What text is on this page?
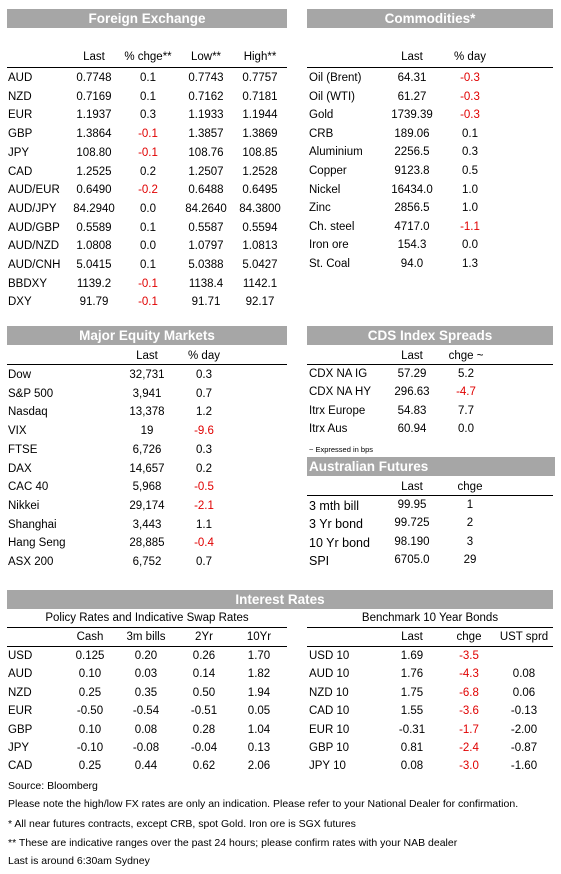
Foreign Exchange
Last	% chge**	Low**	High**
AUD	0.7748	0.1	0.7743	0.7757
NZD	0.7169	0.1	0.7162	0.7181
EUR	1.1937	0.3	1.1933	1.1944
GBP	1.3864	-0.1	1.3857	1.3869
JPY	108.80	-0.1	108.76	108.85
CAD	1.2525	0.2	1.2507	1.2528
AUD/EUR	0.6490	-0.2	0.6488	0.6495
AUD/JPY	84.2940	0.0	84.2640	84.3800
AUD/GBP	0.5589	0.1	0.5587	0.5594
AUD/NZD	1.0808	0.0	1.0797	1.0813
AUD/CNH	5.0415	0.1	5.0388	5.0427
BBDXY	1139.2	-0.1	1138.4	1142.1
DXY	91.79	-0.1	91.71	92.17
Commodities*
Last	% day
Oil (Brent)	64.31	-0.3
Oil (WTI)	61.27	-0.3
Gold	1739.39	-0.3
CRB	189.06	0.1
Aluminium	2256.5	0.3
Copper	9123.8	0.5
Nickel	16434.0	1.0
Zinc	2856.5	1.0
Ch. steel	4717.0	-1.1
Iron ore	154.3	0.0
St. Coal	94.0	1.3
Major Equity Markets
Last	% day
Dow	32,731	0.3
S&P 500	3,941	0.7
Nasdaq	13,378	1.2
VIX	19	-9.6
FTSE	6,726	0.3
DAX	14,657	0.2
CAC 40	5,968	-0.5
Nikkei	29,174	-2.1
Shanghai	3,443	1.1
Hang Seng	28,885	-0.4
ASX 200	6,752	0.7
CDS Index Spreads
Last	chge ~
CDX NA IG	57.29	5.2
CDX NA HY	296.63	-4.7
Itrx Europe	54.83	7.7
Itrx Aus	60.94	0.0
~ Expressed in bps
Australian Futures
Last	chge
3 mth bill	99.95	1
3 Yr bond	99.725	2
10 Yr bond	98.190	3
SPI	6705.0	29
Interest Rates
Policy Rates and Indicative Swap Rates	Benchmark 10 Year Bonds
Cash	3m bills	2Yr	10Yr
USD	0.125	0.20	0.26	1.70
AUD	0.10	0.03	0.14	1.82
NZD	0.25	0.35	0.50	1.94
EUR	-0.50	-0.54	-0.51	0.05
GBP	0.10	0.08	0.28	1.04
JPY	-0.10	-0.08	-0.04	0.13
CAD	0.25	0.44	0.62	2.06
Last	chge	UST sprd
USD 10	1.69	-3.5
AUD 10	1.76	-4.3	0.08
NZD 10	1.75	-6.8	0.06
CAD 10	1.55	-3.6	-0.13
EUR 10	-0.31	-1.7	-2.00
GBP 10	0.81	-2.4	-0.87
JPY 10	0.08	-3.0	-1.60
Source: Bloomberg
Please note the high/low FX rates are only an indication. Please refer to your National Dealer for confirmation.
* All near futures contracts, except CRB, spot Gold. Iron ore is SGX futures
** These are indicative ranges over the past 24 hours; please confirm rates with your NAB dealer
Last is around 6:30am Sydney
